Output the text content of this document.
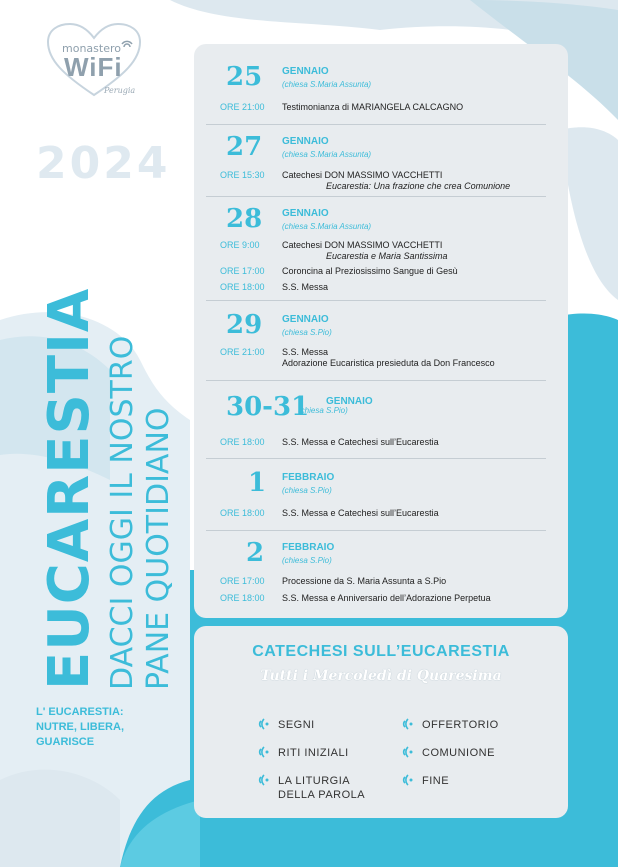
monastero
WiFi
Perugia
2024
EUCARESTIA DACCI OGGI IL NOSTRO PANE QUOTIDIANO
L' EUCARESTIA: NUTRE, LIBERA, GUARISCE
25 GENNAIO
(chiesa S.Maria Assunta)
ORE 21:00 Testimonianza di MARIANGELA CALCAGNO
27 GENNAIO
(chiesa S.Maria Assunta)
ORE 15:30 Catechesi DON MASSIMO VACCHETTI
Eucarestia: Una frazione che crea Comunione
28 GENNAIO
(chiesa S.Maria Assunta)
ORE 9:00 Catechesi DON MASSIMO VACCHETTI
Eucarestia e Maria Santissima
ORE 17:00 Coroncina al Preziosissimo Sangue di Gesù
ORE 18:00 S.S. Messa
29 GENNAIO
(chiesa S.Pio)
ORE 21:00 S.S. Messa
Adorazione Eucaristica presieduta da Don Francesco
30-31 GENNAIO
(chiesa S.Pio)
ORE 18:00 S.S. Messa e Catechesi sull’Eucarestia
1 FEBBRAIO
(chiesa S.Pio)
ORE 18:00 S.S. Messa e Catechesi sull’Eucarestia
2 FEBBRAIO
(chiesa S.Pio)
ORE 17:00 Processione da S. Maria Assunta a S.Pio
ORE 18:00 S.S. Messa e Anniversario dell’Adorazione Perpetua
CATECHESI SULL’EUCARESTIA
Tutti i Mercoledì di Quaresima
SEGNI
RITI INIZIALI
LA LITURGIA DELLA PAROLA
OFFERTORIO
COMUNIONE
FINE
